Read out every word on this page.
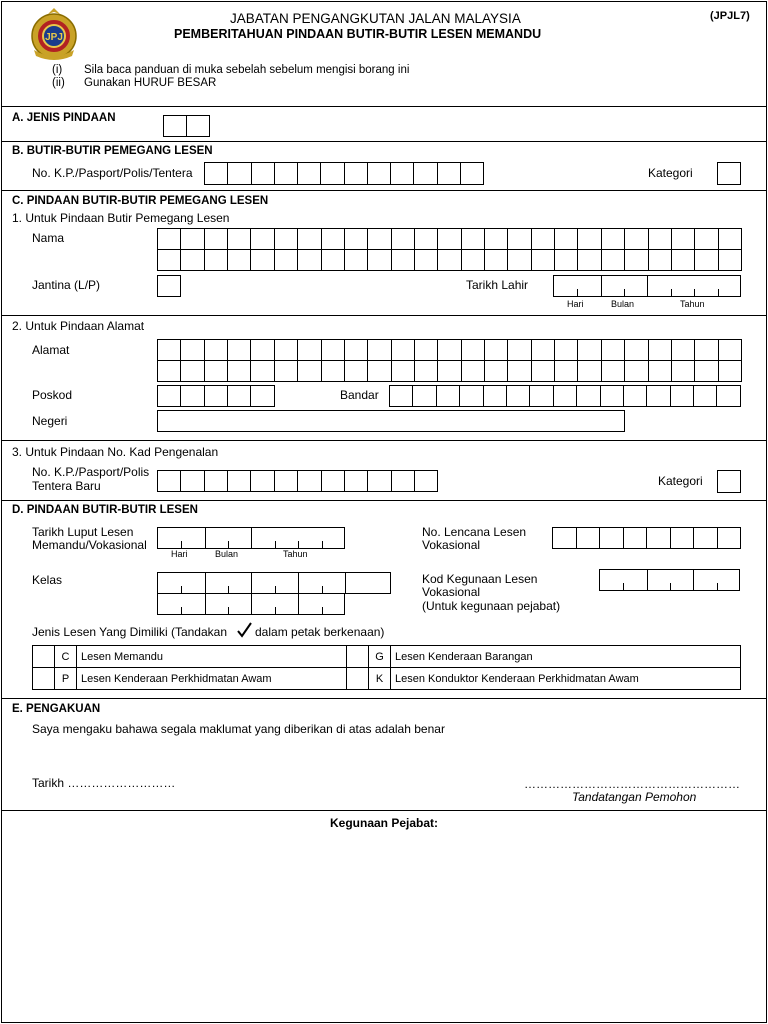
JPJ
JABATAN PENGANGKUTAN JALAN MALAYSIA
PEMBERITAHUAN PINDAAN BUTIR-BUTIR LESEN MEMANDU
(JPJL7)
(i) Sila baca panduan di muka sebelah sebelum mengisi borang ini
(ii) Gunakan HURUF BESAR
A. JENIS PINDAAN
B. BUTIR-BUTIR PEMEGANG LESEN
No. K.P./Pasport/Polis/Tentera	Kategori
C. PINDAAN BUTIR-BUTIR PEMEGANG LESEN
1. Untuk Pindaan Butir Pemegang Lesen
Nama
Jantina (L/P)	Tarikh Lahir
Hari	Bulan	Tahun
2. Untuk Pindaan Alamat
Alamat
Poskod	Bandar
Negeri
3. Untuk Pindaan No. Kad Pengenalan
No. K.P./Pasport/Polis
Tentera Baru	Kategori
D. PINDAAN BUTIR-BUTIR LESEN
Tarikh Luput Lesen
Memandu/Vokasional
Hari	Bulan	Tahun
No. Lencana Lesen
Vokasional
Kelas	Kod Kegunaan Lesen
Vokasional
(Untuk kegunaan pejabat)
Jenis Lesen Yang Dimiliki (Tandakan dalam petak berkenaan)
	C	Lesen Memandu		G	Lesen Kenderaan Barangan
	P	Lesen Kenderaan Perkhidmatan Awam		K	Lesen Konduktor Kenderaan Perkhidmatan Awam
E. PENGAKUAN
Saya mengaku bahawa segala maklumat yang diberikan di atas adalah benar
Tarikh ………………………	………………………………………………
Tandatangan Pemohon
Kegunaan Pejabat:
